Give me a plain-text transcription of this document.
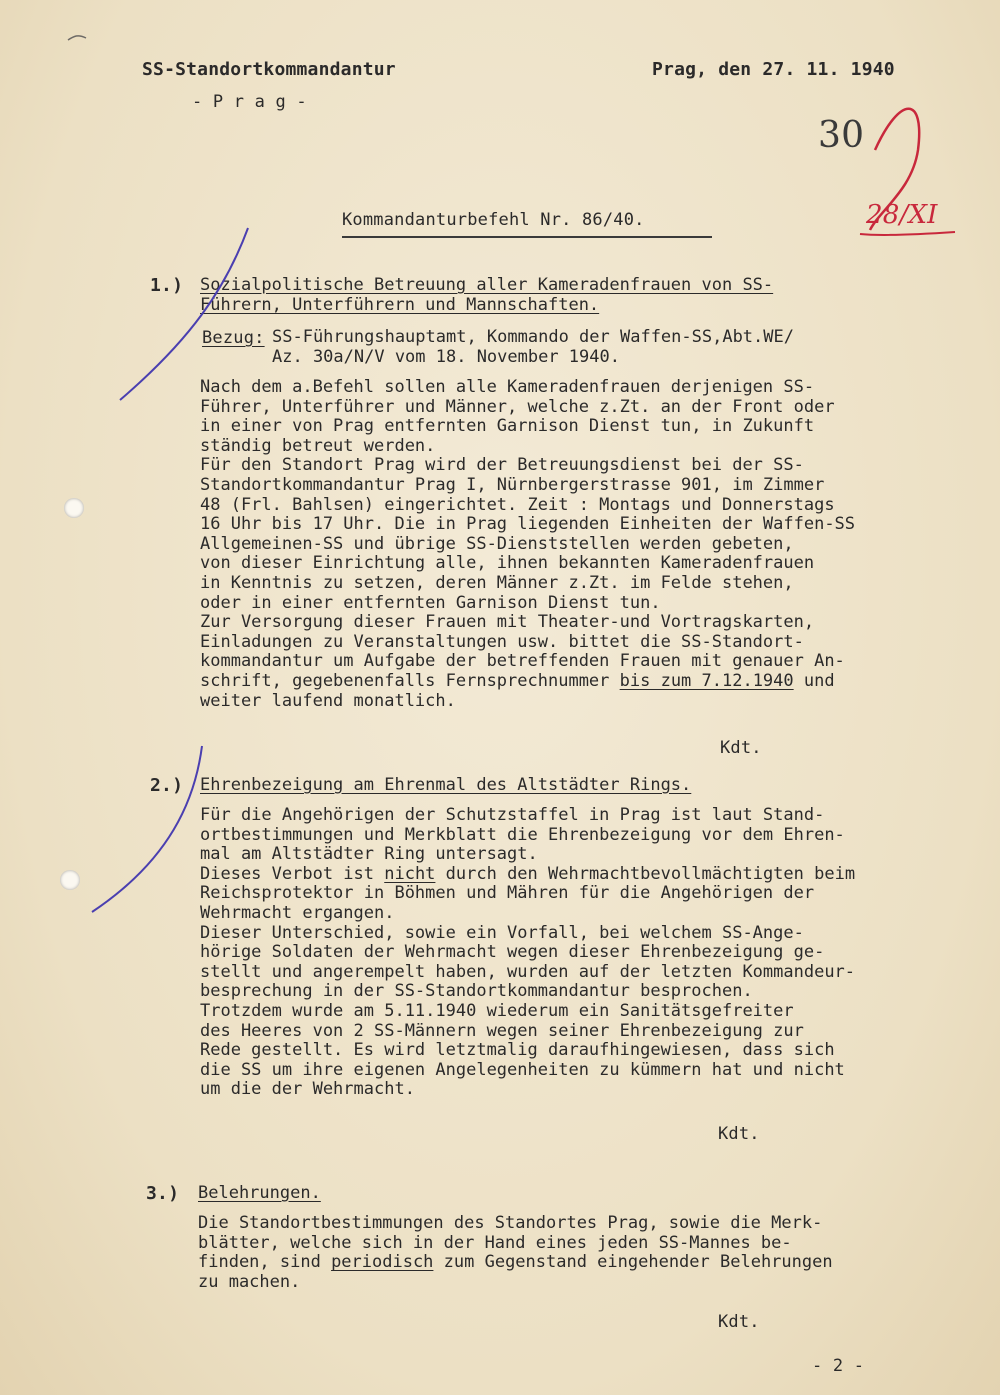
SS-Standortkommandantur
- P r a g -
Prag, den 27. 11. 1940
30
28/XI
Kommandanturbefehl Nr. 86/40.
1.) Sozialpolitische Betreuung aller Kameradenfrauen von SS-
Führern, Unterführern und Mannschaften.
Bezug: SS-Führungshauptamt, Kommando der Waffen-SS,Abt.WE/
Az. 30a/N/V vom 18. November 1940.
Nach dem a.Befehl sollen alle Kameradenfrauen derjenigen SS-
Führer, Unterführer und Männer, welche z.Zt. an der Front oder
in einer von Prag entfernten Garnison Dienst tun, in Zukunft
ständig betreut werden.
Für den Standort Prag wird der Betreuungsdienst bei der SS-
Standortkommandantur Prag I, Nürnbergerstrasse 901, im Zimmer
48 (Frl. Bahlsen) eingerichtet. Zeit : Montags und Donnerstags
16 Uhr bis 17 Uhr. Die in Prag liegenden Einheiten der Waffen-SS
Allgemeinen-SS und übrige SS-Dienststellen werden gebeten,
von dieser Einrichtung alle, ihnen bekannten Kameradenfrauen
in Kenntnis zu setzen, deren Männer z.Zt. im Felde stehen,
oder in einer entfernten Garnison Dienst tun.
Zur Versorgung dieser Frauen mit Theater-und Vortragskarten,
Einladungen zu Veranstaltungen usw. bittet die SS-Standort-
kommandantur um Aufgabe der betreffenden Frauen mit genauer An-
schrift, gegebenenfalls Fernsprechnummer bis zum 7.12.1940 und
weiter laufend monatlich.
Kdt.
2.) Ehrenbezeigung am Ehrenmal des Altstädter Rings.
Für die Angehörigen der Schutzstaffel in Prag ist laut Stand-
ortbestimmungen und Merkblatt die Ehrenbezeigung vor dem Ehren-
mal am Altstädter Ring untersagt.
Dieses Verbot ist nicht durch den Wehrmachtbevollmächtigten beim
Reichsprotektor in Böhmen und Mähren für die Angehörigen der
Wehrmacht ergangen.
Dieser Unterschied, sowie ein Vorfall, bei welchem SS-Ange-
hörige Soldaten der Wehrmacht wegen dieser Ehrenbezeigung ge-
stellt und angerempelt haben, wurden auf der letzten Kommandeur-
besprechung in der SS-Standortkommandantur besprochen.
Trotzdem wurde am 5.11.1940 wiederum ein Sanitätsgefreiter
des Heeres von 2 SS-Männern wegen seiner Ehrenbezeigung zur
Rede gestellt. Es wird letztmalig daraufhingewiesen, dass sich
die SS um ihre eigenen Angelegenheiten zu kümmern hat und nicht
um die der Wehrmacht.
Kdt.
3.) Belehrungen.
Die Standortbestimmungen des Standortes Prag, sowie die Merk-
blätter, welche sich in der Hand eines jeden SS-Mannes be-
finden, sind periodisch zum Gegenstand eingehender Belehrungen
zu machen.
Kdt.
- 2 -
